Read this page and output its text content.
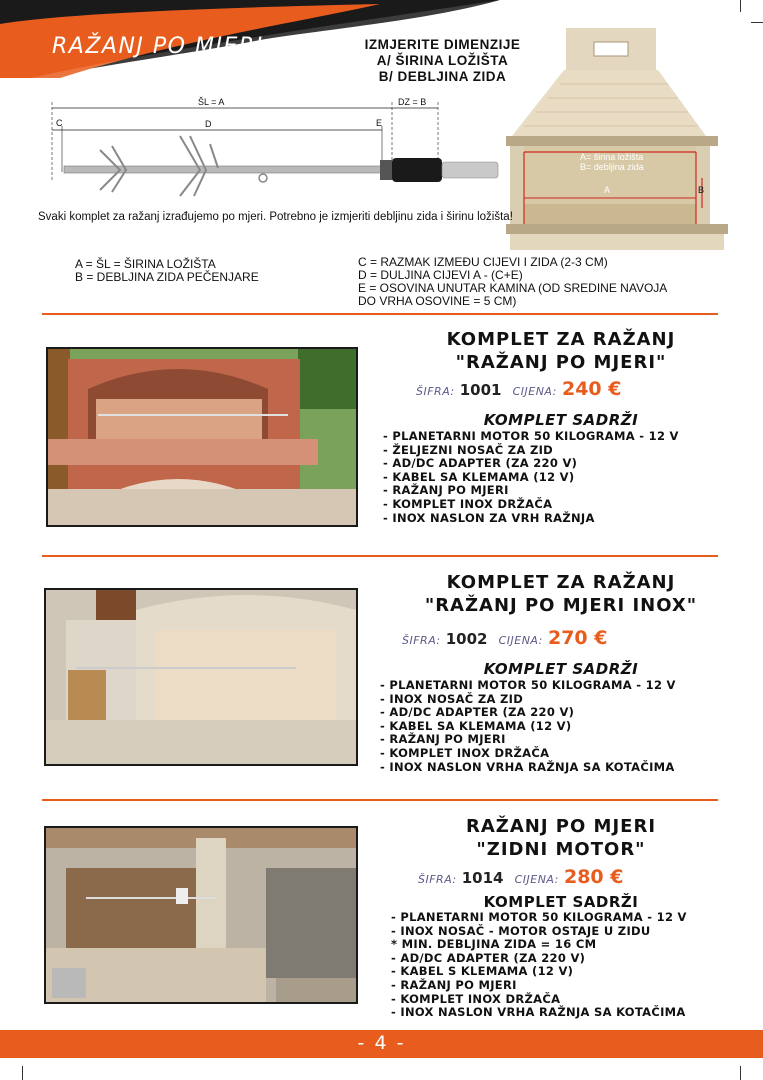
RAŽANJ PO MJERI	IZMJERITE DIMENZIJE
A/ ŠIRINA LOŽIŠTA
B/ DEBLJINA ZIDA
ŠL = A	DZ = B
C	D	E
A= širina ložišta
B= debljina zida
A	B
Svaki komplet za ražanj izrađujemo po mjeri. Potrebno je izmjeriti debljinu zida i širinu ložišta!
A = ŠL = ŠIRINA LOŽIŠTA
B = DEBLJINA ZIDA PEČENJARE
C = RAZMAK IZMEĐU CIJEVI I ZIDA (2-3 CM)
D = DULJINA CIJEVI A - (C+E)
E = OSOVINA UNUTAR KAMINA (OD SREDINE NAVOJA
DO VRHA OSOVINE = 5 CM)
KOMPLET ZA RAŽANJ
"RAŽANJ PO MJERI"
ŠIFRA: 1001 CIJENA: 240 €
KOMPLET SADRŽI
- PLANETARNI MOTOR 50 KILOGRAMA - 12 V
- ŽELJEZNI NOSAČ ZA ZID
- AD/DC ADAPTER (ZA 220 V)
- KABEL SA KLEMAMA (12 V)
- RAŽANJ PO MJERI
- KOMPLET INOX DRŽAČA
- INOX NASLON ZA VRH RAŽNJA
KOMPLET ZA RAŽANJ
"RAŽANJ PO MJERI INOX"
ŠIFRA: 1002 CIJENA: 270 €
KOMPLET SADRŽI
- PLANETARNI MOTOR 50 KILOGRAMA - 12 V
- INOX NOSAČ ZA ZID
- AD/DC ADAPTER (ZA 220 V)
- KABEL SA KLEMAMA (12 V)
- RAŽANJ PO MJERI
- KOMPLET INOX DRŽAČA
- INOX NASLON VRHA RAŽNJA SA KOTAČIMA
RAŽANJ PO MJERI
"ZIDNI MOTOR"
ŠIFRA: 1014 CIJENA: 280 €
KOMPLET SADRŽI
- PLANETARNI MOTOR 50 KILOGRAMA - 12 V
- INOX NOSAČ - MOTOR OSTAJE U ZIDU
* MIN. DEBLJINA ZIDA = 16 CM
- AD/DC ADAPTER (ZA 220 V)
- KABEL S KLEMAMA (12 V)
- RAŽANJ PO MJERI
- KOMPLET INOX DRŽAČA
- INOX NASLON VRHA RAŽNJA SA KOTAČIMA
- 4 -
